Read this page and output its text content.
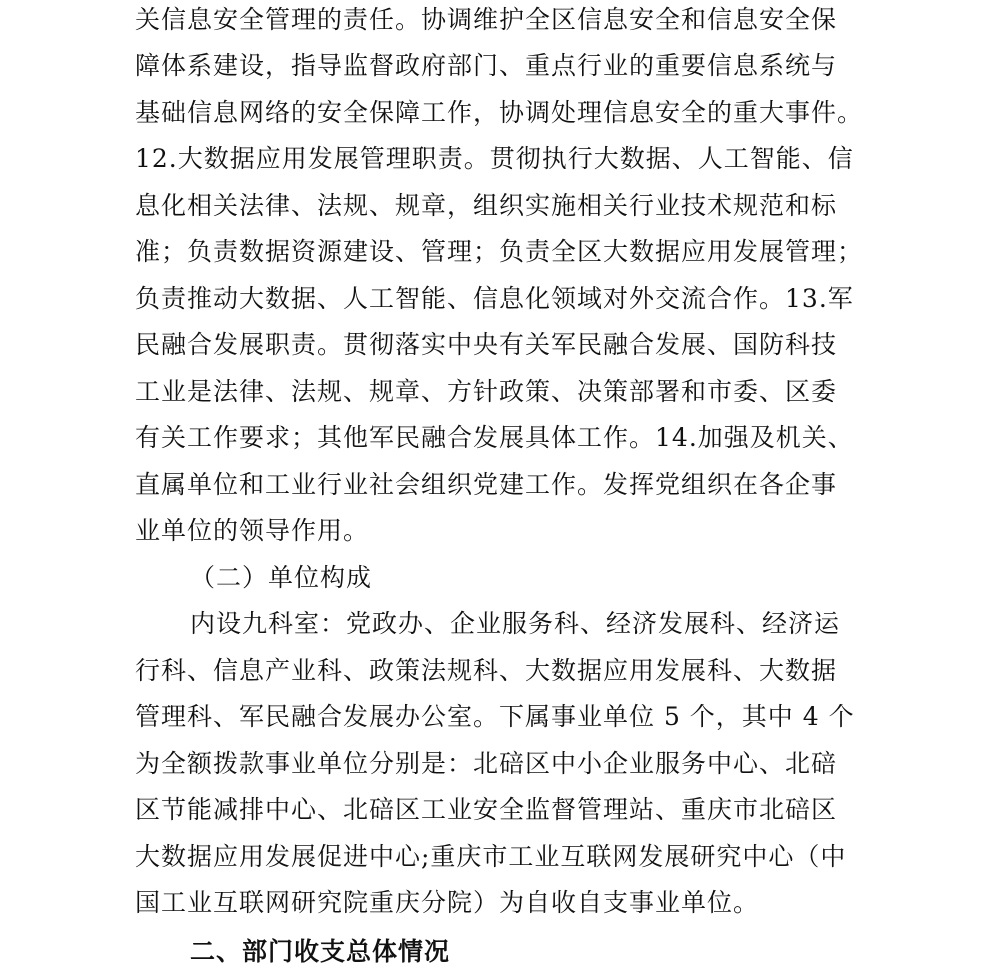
关信息安全管理的责任。协调维护全区信息安全和信息安全保
障体系建设，指导监督政府部门、重点行业的重要信息系统与
基础信息网络的安全保障工作，协调处理信息安全的重大事件。
12.大数据应用发展管理职责。贯彻执行大数据、人工智能、信
息化相关法律、法规、规章，组织实施相关行业技术规范和标
准；负责数据资源建设、管理；负责全区大数据应用发展管理；
负责推动大数据、人工智能、信息化领域对外交流合作。13.军
民融合发展职责。贯彻落实中央有关军民融合发展、国防科技
工业是法律、法规、规章、方针政策、决策部署和市委、区委
有关工作要求；其他军民融合发展具体工作。14.加强及机关、
直属单位和工业行业社会组织党建工作。发挥党组织在各企事
业单位的领导作用。
（二）单位构成
内设九科室：党政办、企业服务科、经济发展科、经济运
行科、信息产业科、政策法规科、大数据应用发展科、大数据
管理科、军民融合发展办公室。下属事业单位 5 个，其中 4 个
为全额拨款事业单位分别是：北碚区中小企业服务中心、北碚
区节能减排中心、北碚区工业安全监督管理站、重庆市北碚区
大数据应用发展促进中心;重庆市工业互联网发展研究中心（中
国工业互联网研究院重庆分院）为自收自支事业单位。
二、部门收支总体情况
